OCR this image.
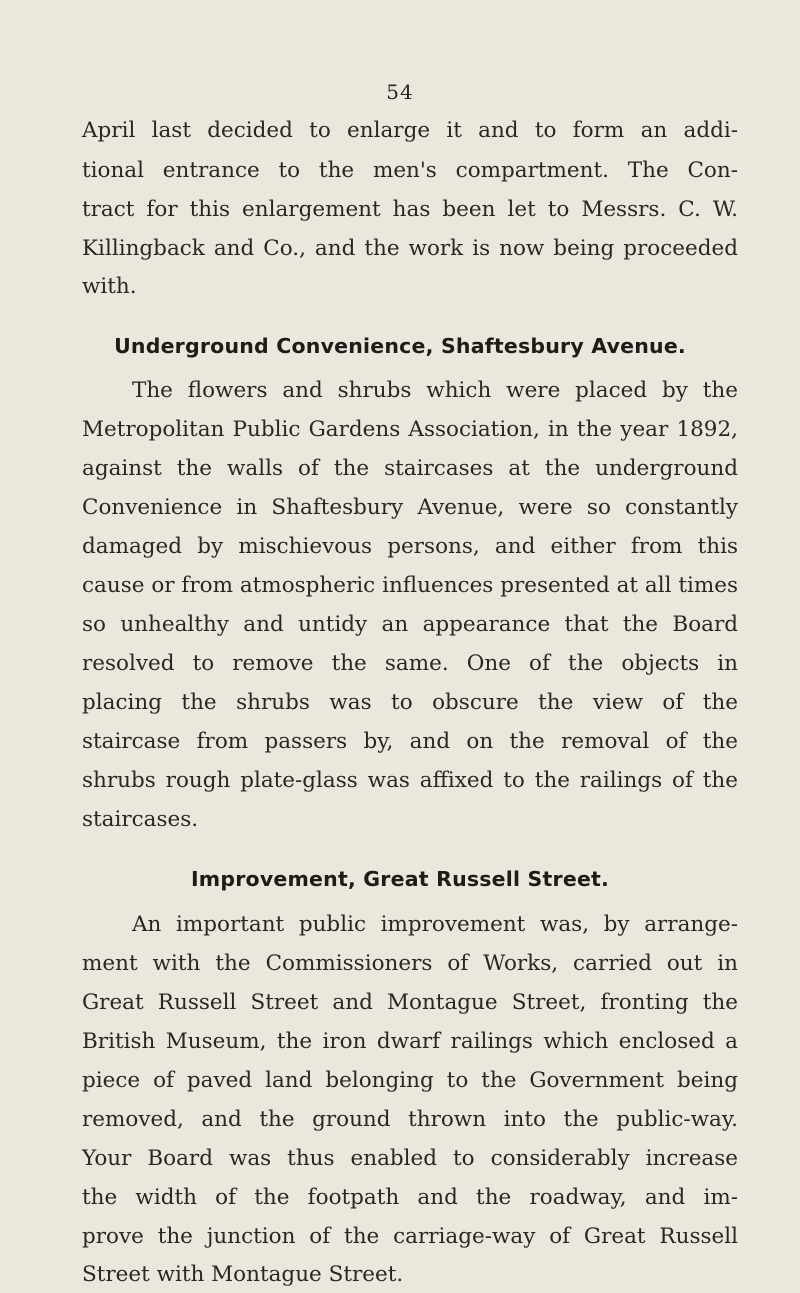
54
April last decided to enlarge it and to form an addi-
tional entrance to the men's compartment. The Con-
tract for this enlargement has been let to Messrs. C. W.
Killingback and Co., and the work is now being proceeded
with.
Underground Convenience, Shaftesbury Avenue.
The flowers and shrubs which were placed by the
Metropolitan Public Gardens Association, in the year 1892,
against the walls of the staircases at the underground
Convenience in Shaftesbury Avenue, were so constantly
damaged by mischievous persons, and either from this
cause or from atmospheric influences presented at all times
so unhealthy and untidy an appearance that the Board
resolved to remove the same. One of the objects in
placing the shrubs was to obscure the view of the
staircase from passers by, and on the removal of the
shrubs rough plate-glass was affixed to the railings of the
staircases.
Improvement, Great Russell Street.
An important public improvement was, by arrange-
ment with the Commissioners of Works, carried out in
Great Russell Street and Montague Street, fronting the
British Museum, the iron dwarf railings which enclosed a
piece of paved land belonging to the Government being
removed, and the ground thrown into the public-way.
Your Board was thus enabled to considerably increase
the width of the footpath and the roadway, and im-
prove the junction of the carriage-way of Great Russell
Street with Montague Street.
